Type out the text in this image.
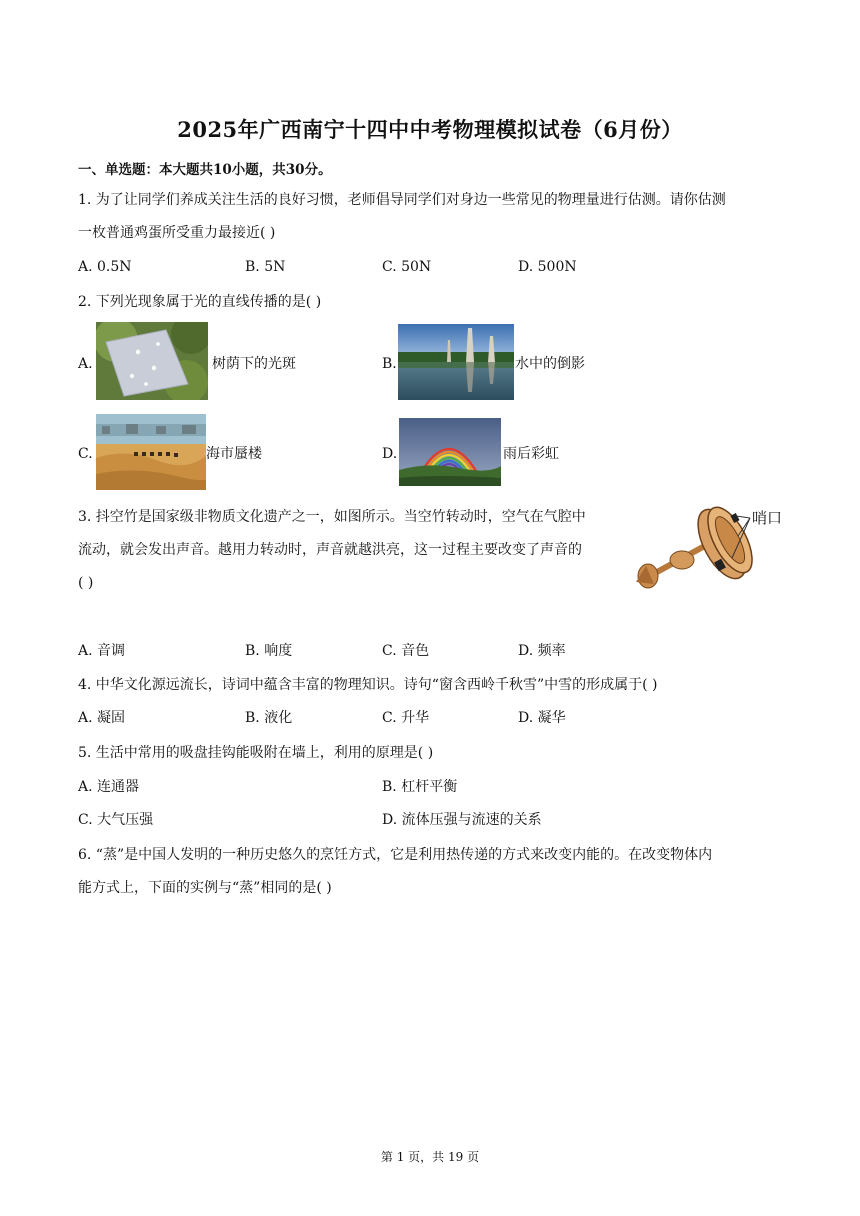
2025年广西南宁十四中中考物理模拟试卷（6月份）
一、单选题：本大题共10小题，共30分。
1. 为了让同学们养成关注生活的良好习惯，老师倡导同学们对身边一些常见的物理量进行估测。请你估测
一枚普通鸡蛋所受重力最接近( )
A. 0.5N	B. 5N	C. 50N	D. 500N
2. 下列光现象属于光的直线传播的是( )
A.	树荫下的光斑	B.	水中的倒影
C.	海市蜃楼	D.	雨后彩虹
3. 抖空竹是国家级非物质文化遗产之一，如图所示。当空竹转动时，空气在气腔中
流动，就会发出声音。越用力转动时，声音就越洪亮，这一过程主要改变了声音的
( )
哨口
A. 音调	B. 响度	C. 音色	D. 频率
4. 中华文化源远流长，诗词中蕴含丰富的物理知识。诗句“窗含西岭千秋雪”中雪的形成属于( )
A. 凝固	B. 液化	C. 升华	D. 凝华
5. 生活中常用的吸盘挂钩能吸附在墙上，利用的原理是( )
A. 连通器	B. 杠杆平衡
C. 大气压强	D. 流体压强与流速的关系
6. “蒸”是中国人发明的一种历史悠久的烹饪方式，它是利用热传递的方式来改变内能的。在改变物体内
能方式上，下面的实例与“蒸”相同的是( )
第 1 页，共 19 页
